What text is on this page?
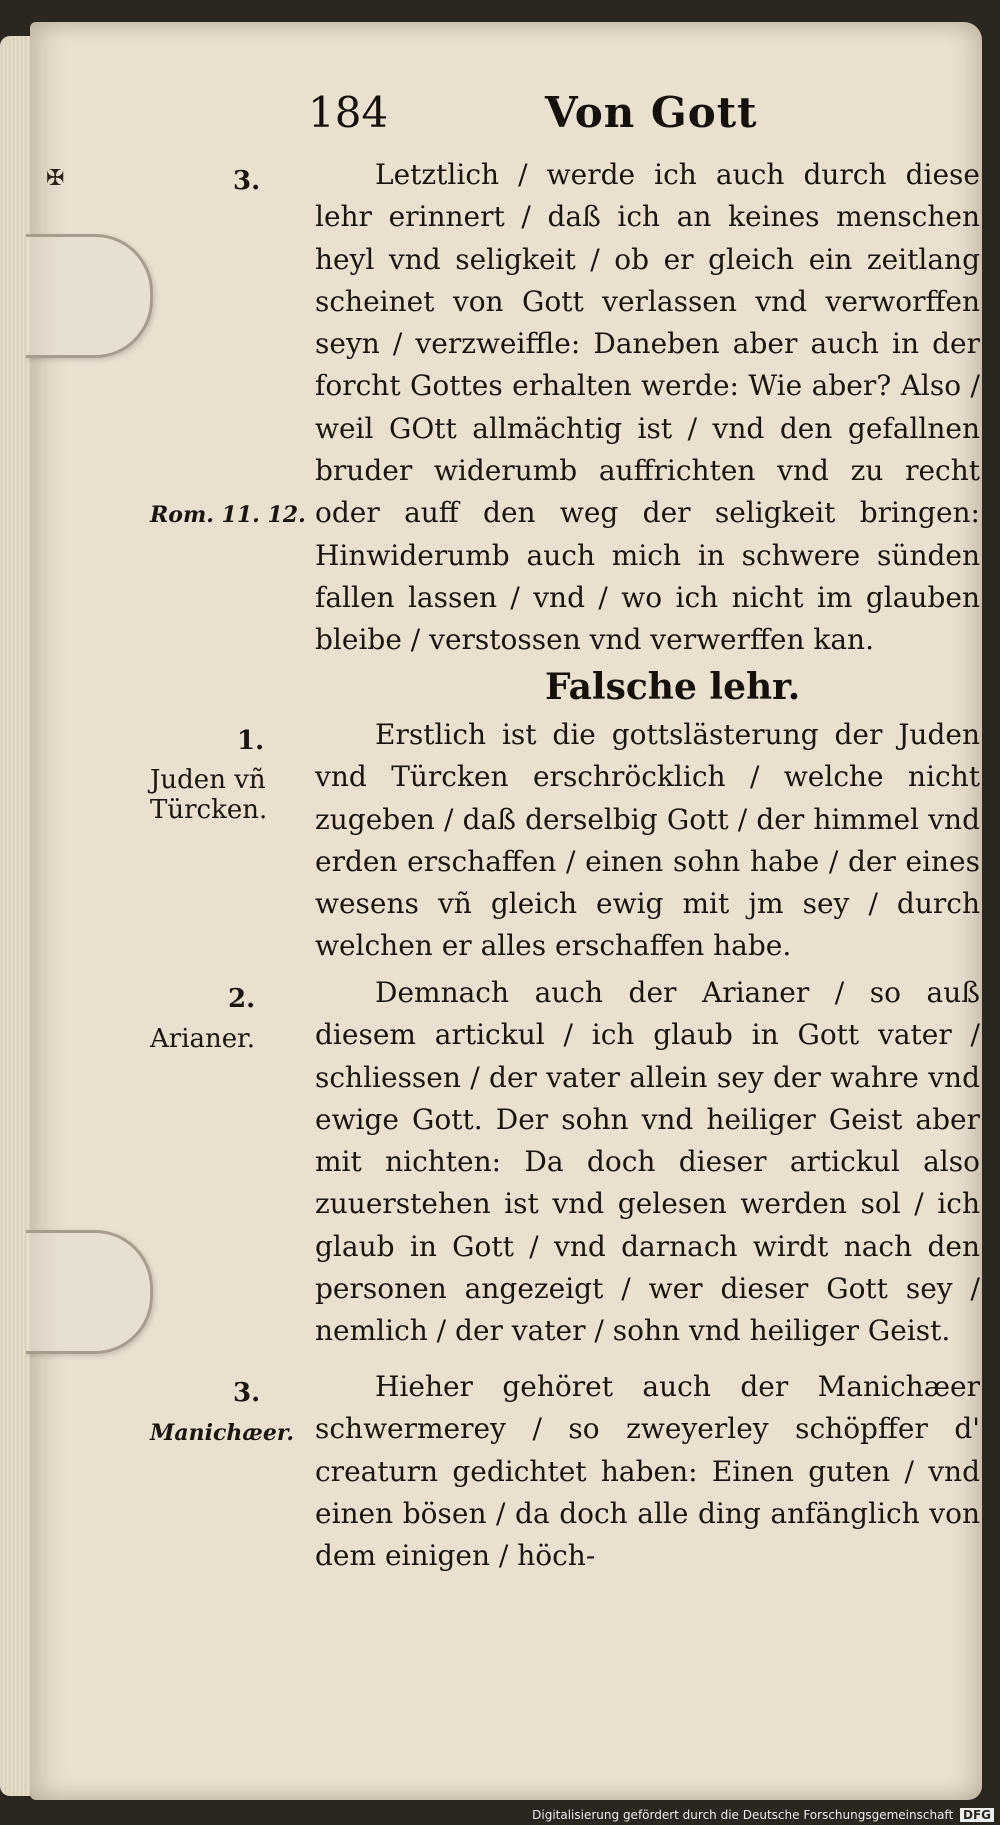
✠
184	Von Gott
3.	Letztlich / werde ich auch durch diese lehr erinnert / daß ich an keines menschen heyl vnd seligkeit / ob er gleich ein zeitlang scheinet von Gott verlassen vnd verworffen seyn / verzweiffle: Daneben aber auch in der forcht Gottes erhalten werde: Wie aber? Also / weil GOtt allmächtig ist / vnd den gefallnen bruder widerumb auffrichten vnd zu recht oder auff den weg der seligkeit bringen: Hinwiderumb auch mich in schwere sünden fallen lassen / vnd / wo ich nicht im glauben bleibe / verstossen vnd verwerffen kan.

Rom. 11. 12.
Falsche lehr.
1.
Juden vñ Türcken.

Erstlich ist die gottslästerung der Juden vnd Türcken erschröcklich / welche nicht zugeben / daß derselbig Gott / der himmel vnd erden erschaffen / einen sohn habe / der eines wesens vñ gleich ewig mit jm sey / durch welchen er alles erschaffen habe.

2.
Arianer.

Demnach auch der Arianer / so auß diesem artickul / ich glaub in Gott vater / schliessen / der vater allein sey der wahre vnd ewige Gott. Der sohn vnd heiliger Geist aber mit nichten: Da doch dieser artickul also zuuerstehen ist vnd gelesen werden sol / ich glaub in Gott / vnd darnach wirdt nach den personen angezeigt / wer dieser Gott sey / nemlich / der vater / sohn vnd heiliger Geist.

3.
Manichæer.

Hieher gehöret auch der Manichæer schwermerey / so zweyerley schöpffer d' creaturn gedichtet haben: Einen guten / vnd einen bösen / da doch alle ding anfänglich von dem einigen / höch-

Digitalisierung gefördert durch die Deutsche Forschungsgemeinschaft DFG
